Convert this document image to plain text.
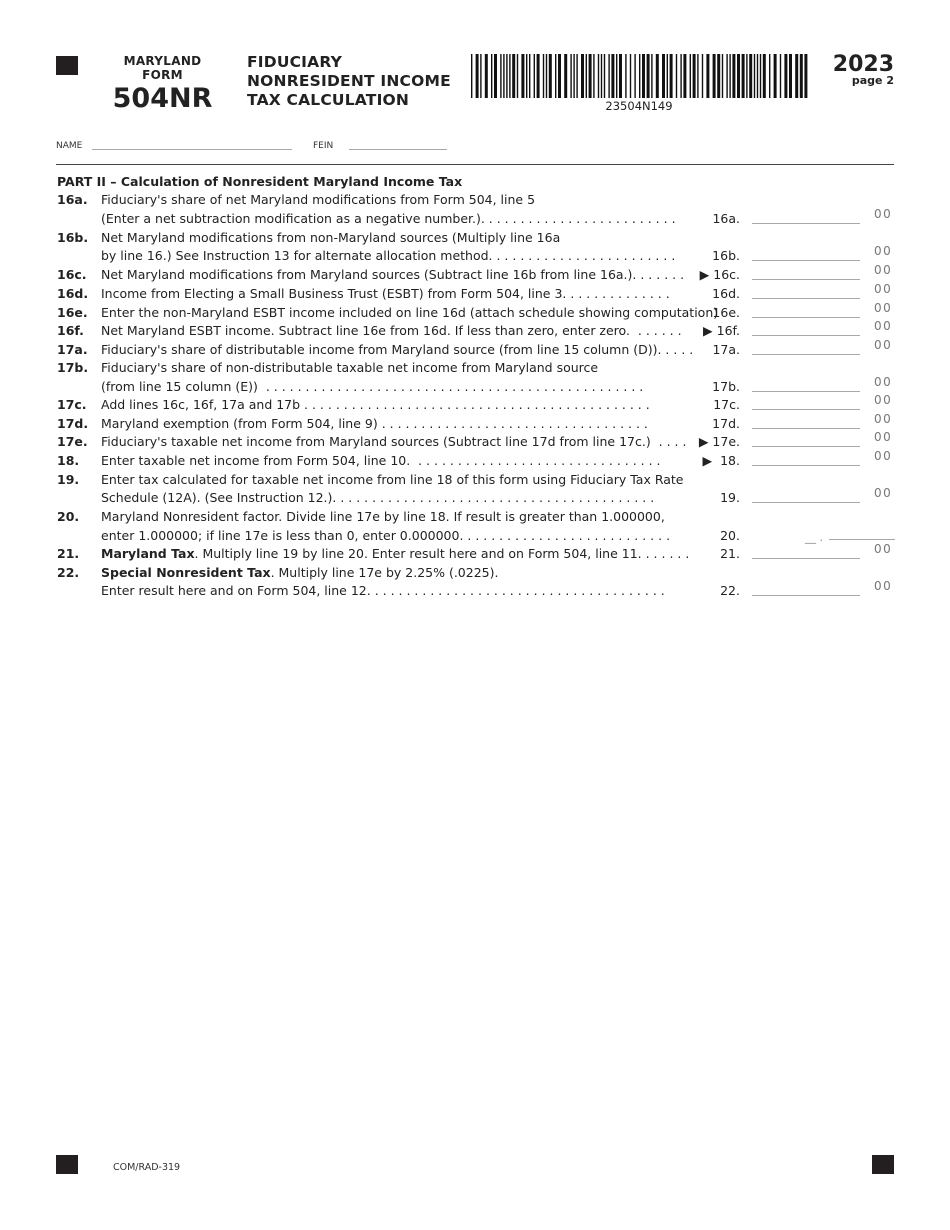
MARYLAND
FORM
504NR
FIDUCIARY
NONRESIDENT INCOME
TAX CALCULATION	23504N149
2023
page 2
NAME	FEIN
PART II – Calculation of Nonresident Maryland Income Tax
16a. Fiduciary's share of net Maryland modifications from Form 504, line 5
(Enter a net subtraction modification as a negative number.). . . . . . . . . . . . . . . . . . . . . . . . .	16a.	00
16b. Net Maryland modifications from non-Maryland sources (Multiply line 16a
by line 16.) See Instruction 13 for alternate allocation method. . . . . . . . . . . . . . . . . . . . . . . .	16b.	00
16c. Net Maryland modifications from Maryland sources (Subtract line 16b from line 16a.). . . . . . .	▶ 16c.	00
16d. Income from Electing a Small Business Trust (ESBT) from Form 504, line 3. . . . . . . . . . . . . .	16d.	00
16e. Enter the non-Maryland ESBT income included on line 16d (attach schedule showing computation)
16e.	00
16f. Net Maryland ESBT income. Subtract line 16e from 16d. If less than zero, enter zero.  . . . . . .	▶ 16f.	00
17a. Fiduciary's share of distributable income from Maryland source (from line 15 column (D)). . . . .	17a.	00
17b. Fiduciary's share of non-distributable taxable net income from Maryland source
(from line 15 column (E))  . . . . . . . . . . . . . . . . . . . . . . . . . . . . . . . . . . . . . . . . . . . . . . . .	17b.	00
17c. Add lines 16c, 16f, 17a and 17b . . . . . . . . . . . . . . . . . . . . . . . . . . . . . . . . . . . . . . . . . . . .	17c.	00
17d. Maryland exemption (from Form 504, line 9) . . . . . . . . . . . . . . . . . . . . . . . . . . . . . . . . . .	17d.	00
17e. Fiduciary's taxable net income from Maryland sources (Subtract line 17d from line 17c.)  . . . . ▶ 17e.	00
18. Enter taxable net income from Form 504, line 10.  . . . . . . . . . . . . . . . . . . . . . . . . . . . . . . .	▶  18.	00
19. Enter tax calculated for taxable net income from line 18 of this form using Fiduciary Tax Rate
Schedule (12A). (See Instruction 12.). . . . . . . . . . . . . . . . . . . . . . . . . . . . . . . . . . . . . . . . .	19.	00
20. Maryland Nonresident factor. Divide line 17e by line 18. If result is greater than 1.000000,
enter 1.000000; if line 17e is less than 0, enter 0.000000. . . . . . . . . . . . . . . . . . . . . . . . . . .	20.	__ .
21. Maryland Tax. Multiply line 19 by line 20. Enter result here and on Form 504, line 11. . . . . . .	21.	00
22. Special Nonresident Tax. Multiply line 17e by 2.25% (.0225).
Enter result here and on Form 504, line 12. . . . . . . . . . . . . . . . . . . . . . . . . . . . . . . . . . . . . .	22.	00
COM/RAD-319
